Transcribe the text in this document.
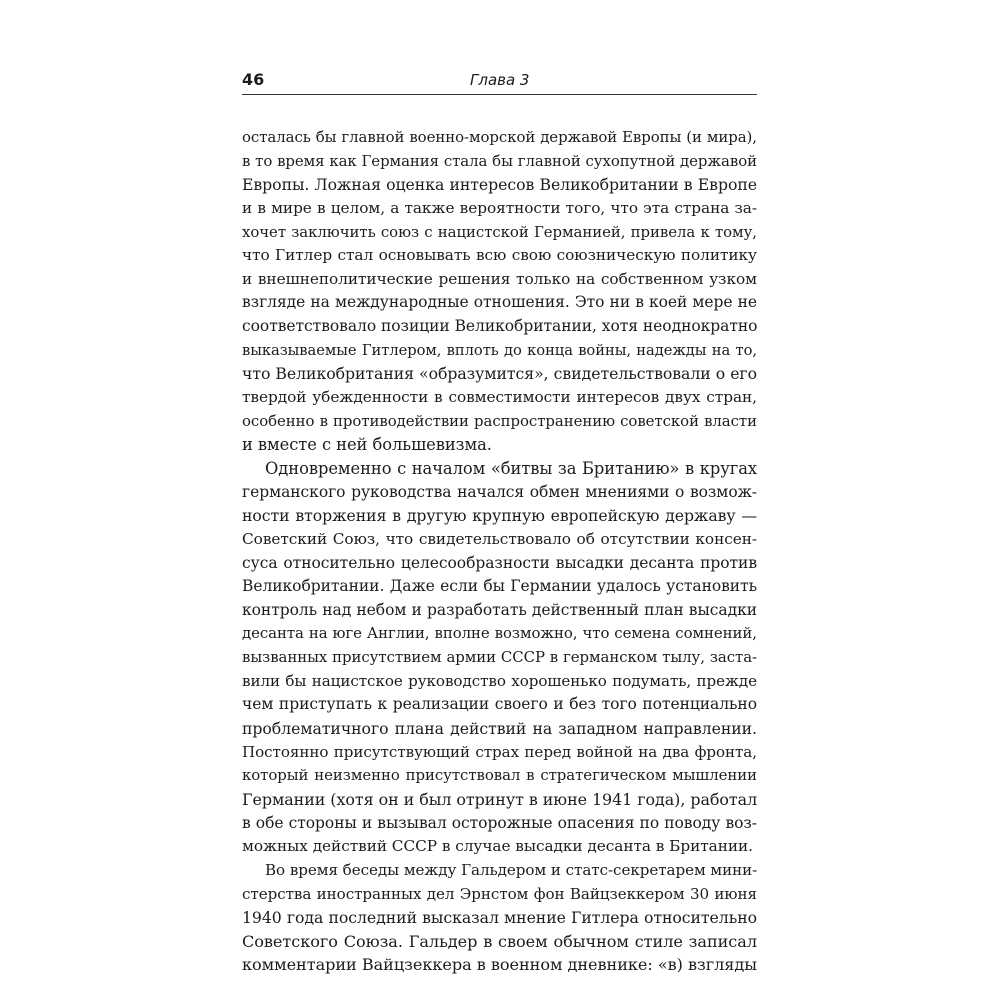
46	Глава 3
осталась бы главной военно-морской державой Европы (и мира),
в то время как Германия стала бы главной сухопутной державой
Европы. Ложная оценка интересов Великобритании в Европе
и в мире в целом, а также вероятности того, что эта страна за-
хочет заключить союз с нацистской Германией, привела к тому,
что Гитлер стал основывать всю свою союзническую политику
и внешнеполитические решения только на собственном узком
взгляде на международные отношения. Это ни в коей мере не
соответствовало позиции Великобритании, хотя неоднократно
выказываемые Гитлером, вплоть до конца войны, надежды на то,
что Великобритания «образумится», свидетельствовали о его
твердой убежденности в совместимости интересов двух стран,
особенно в противодействии распространению советской власти
и вместе с ней большевизма.
Одновременно с началом «битвы за Британию» в кругах
германского руководства начался обмен мнениями о возмож-
ности вторжения в другую крупную европейскую державу —
Советский Союз, что свидетельствовало об отсутствии консен-
суса относительно целесообразности высадки десанта против
Великобритании. Даже если бы Германии удалось установить
контроль над небом и разработать действенный план высадки
десанта на юге Англии, вполне возможно, что семена сомнений,
вызванных присутствием армии СССР в германском тылу, заста-
вили бы нацистское руководство хорошенько подумать, прежде
чем приступать к реализации своего и без того потенциально
проблематичного плана действий на западном направлении.
Постоянно присутствующий страх перед войной на два фронта,
который неизменно присутствовал в стратегическом мышлении
Германии (хотя он и был отринут в июне 1941 года), работал
в обе стороны и вызывал осторожные опасения по поводу воз-
можных действий СССР в случае высадки десанта в Британии.
Во время беседы между Гальдером и статс-секретарем мини-
стерства иностранных дел Эрнстом фон Вайцзеккером 30 июня
1940 года последний высказал мнение Гитлера относительно
Советского Союза. Гальдер в своем обычном стиле записал
комментарии Вайцзеккера в военном дневнике: «в) взгляды
